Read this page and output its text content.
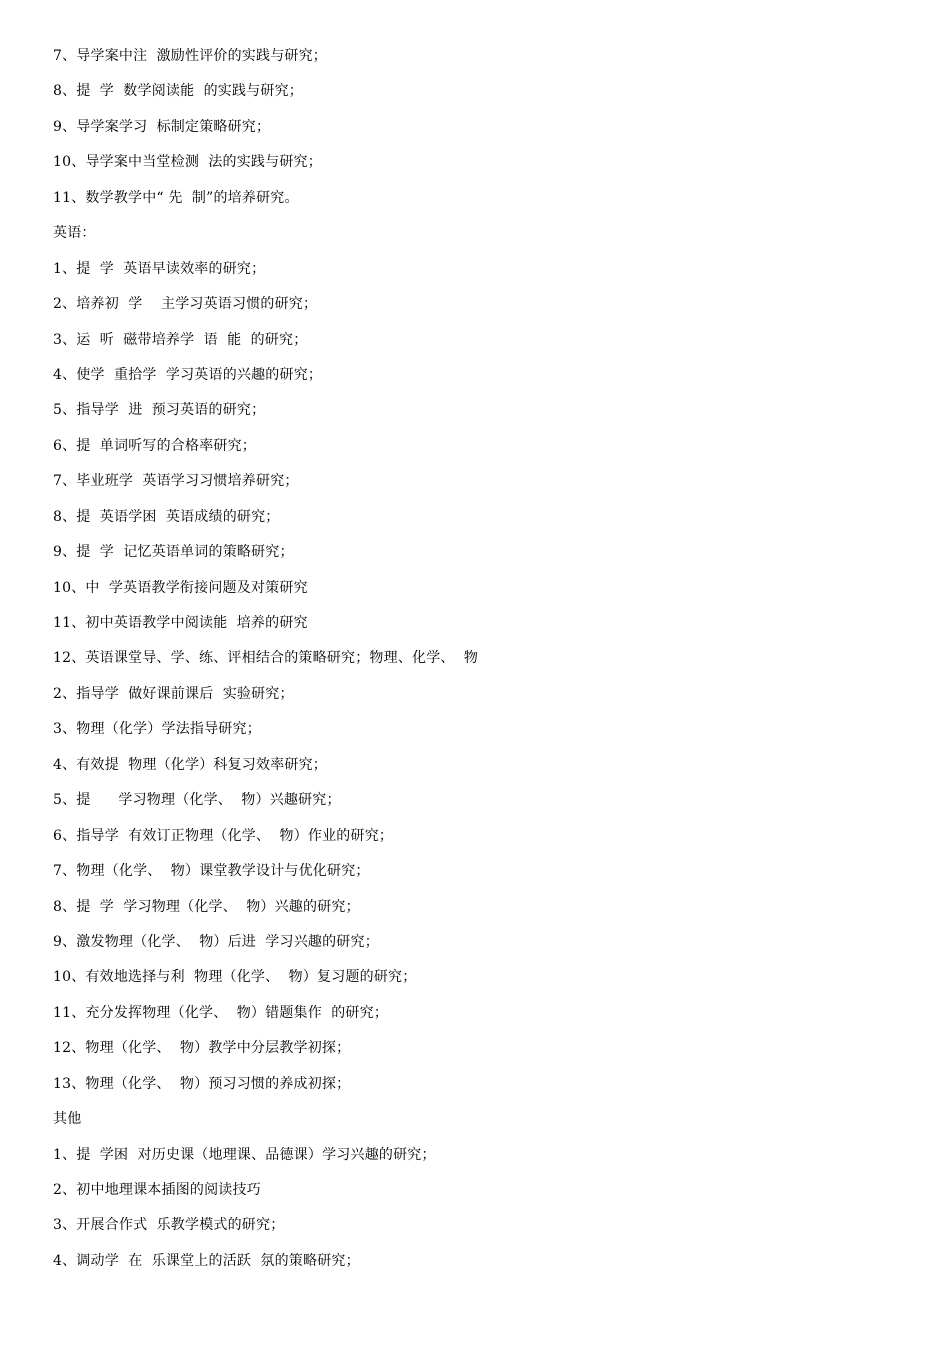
7、导学案中注  激励性评价的实践与研究；
8、提  学  数学阅读能  的实践与研究；
9、导学案学习  标制定策略研究；
10、导学案中当堂检测  法的实践与研究；
11、数学教学中“ 先  制”的培养研究。
英语：
1、提  学  英语早读效率的研究；
2、培养初  学    主学习英语习惯的研究；
3、运  听  磁带培养学  语  能  的研究；
4、使学  重拾学  学习英语的兴趣的研究；
5、指导学  进  预习英语的研究；
6、提  单词听写的合格率研究；
7、毕业班学  英语学习习惯培养研究；
8、提  英语学困  英语成绩的研究；
9、提  学  记忆英语单词的策略研究；
10、中  学英语教学衔接问题及对策研究
11、初中英语教学中阅读能  培养的研究
12、英语课堂导、学、练、评相结合的策略研究；物理、化学、  物
2、指导学  做好课前课后  实验研究；
3、物理（化学）学法指导研究；
4、有效提  物理（化学）科复习效率研究；
5、提      学习物理（化学、  物）兴趣研究；
6、指导学  有效订正物理（化学、  物）作业的研究；
7、物理（化学、  物）课堂教学设计与优化研究；
8、提  学  学习物理（化学、  物）兴趣的研究；
9、激发物理（化学、  物）后进  学习兴趣的研究；
10、有效地选择与利  物理（化学、  物）复习题的研究；
11、充分发挥物理（化学、  物）错题集作  的研究；
12、物理（化学、  物）教学中分层教学初探；
13、物理（化学、  物）预习习惯的养成初探；
其他
1、提  学困  对历史课（地理课、品德课）学习兴趣的研究；
2、初中地理课本插图的阅读技巧
3、开展合作式  乐教学模式的研究；
4、调动学  在  乐课堂上的活跃  氛的策略研究；
